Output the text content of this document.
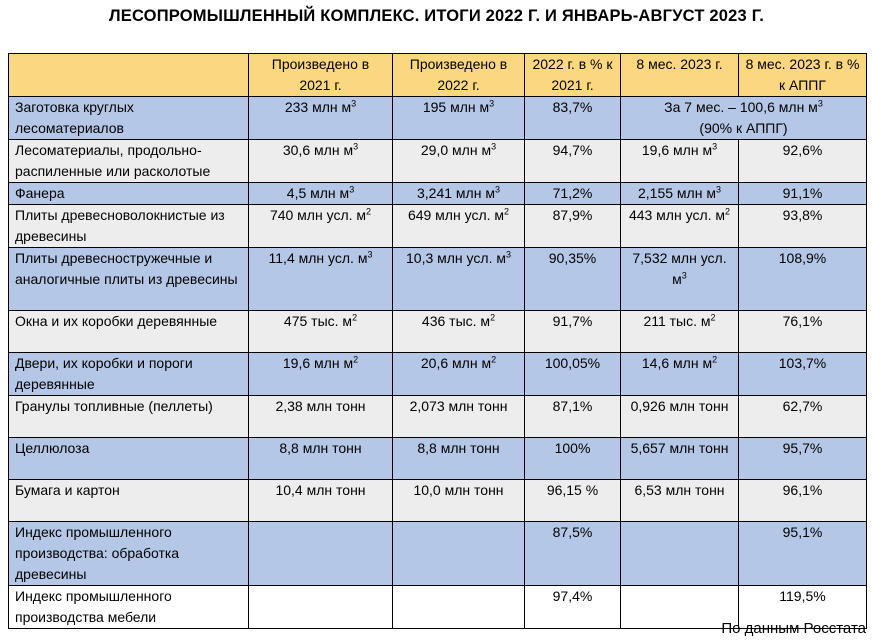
ЛЕСОПРОМЫШЛЕННЫЙ КОМПЛЕКС. ИТОГИ 2022 Г. И ЯНВАРЬ-АВГУСТ 2023 Г.
	Произведено в 2021 г.	Произведено в 2022 г.	2022 г. в % к 2021 г.	8 мес. 2023 г.	8 мес. 2023 г. в % к АППГ
Заготовка круглых лесоматериалов	233 млн $м^3$	195 млн $м^3$	83,7%	За 7 мес. – 100,6 млн $м^3$
(90% к АППГ)	
Лесоматериалы, продольно-распиленные или расколотые	30,6 млн $м^3$	29,0 млн $м^3$	94,7%	19,6 млн $м^3$	92,6%
Фанера	4,5 млн $м^3$	3,241 млн $м^3$	71,2%	2,155 млн $м^3$	91,1%
Плиты древесноволокнистые из древесины	740 млн усл. $м^2$	649 млн усл. $м^2$	87,9%	443 млн усл. $м^2$	93,8%
Плиты древесностружечные и аналогичные плиты из древесины	11,4 млн усл. $м^3$	10,3 млн усл. $м^3$	90,35%	7,532 млн усл. $м^3$	108,9%
Окна и их коробки деревянные	475 тыс. $м^2$	436 тыс. $м^2$	91,7%	211 тыс. $м^2$	76,1%
Двери, их коробки и пороги деревянные	19,6 млн $м^2$	20,6 млн $м^2$	100,05%	14,6 млн $м^2$	103,7%
Гранулы топливные (пеллеты)	2,38 млн тонн	2,073 млн тонн	87,1%	0,926 млн тонн	62,7%
Целлюлоза	8,8 млн тонн	8,8 млн тонн	100%	5,657 млн тонн	95,7%
Бумага и картон	10,4 млн тонн	10,0 млн тонн	96,15 %	6,53 млн тонн	96,1%
Индекс промышленного производства: обработка древесины			87,5%		95,1%
Индекс промышленного производства мебели			97,4%		119,5%
По данным Росстата
